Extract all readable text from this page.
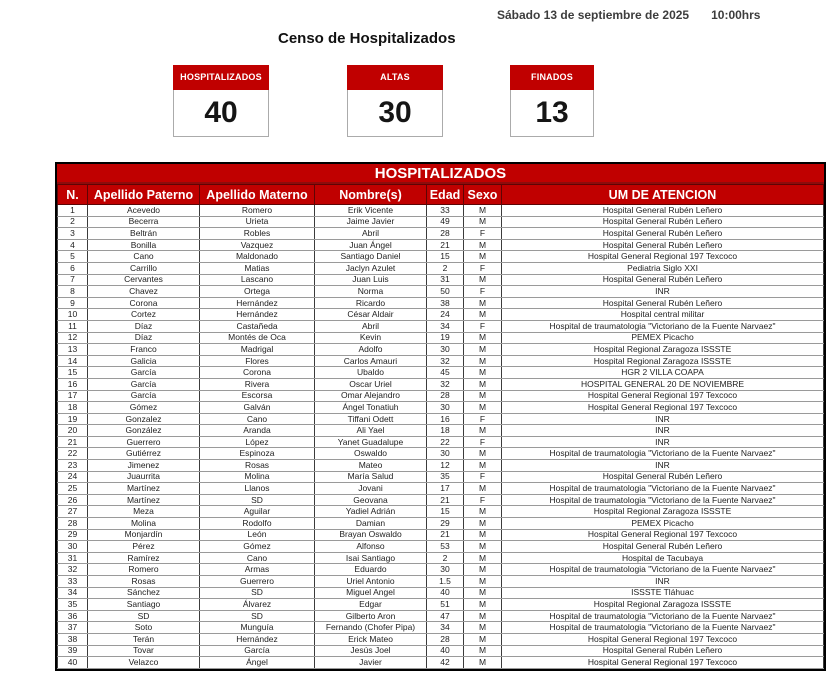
Sábado 13 de septiembre de 2025 10:00hrs
Censo de Hospitalizados
HOSPITALIZADOS
40
ALTAS
30
FINADOS
13
HOSPITALIZADOS
N.	Apellido Paterno	Apellido Materno	Nombre(s)	Edad	Sexo	UM DE ATENCION
1	Acevedo	Romero	Erik Vicente	33	M	Hospital General Rubén Leñero
2	Becerra	Urieta	Jaime Javier	49	M	Hospital General Rubén Leñero
3	Beltrán	Robles	Abril	28	F	Hospital General Rubén Leñero
4	Bonilla	Vazquez	Juan Ángel	21	M	Hospital General Rubén Leñero
5	Cano	Maldonado	Santiago Daniel	15	M	Hospital General Regional 197 Texcoco
6	Carrillo	Matias	Jaclyn Azulet	2	F	Pediatria Siglo XXI
7	Cervantes	Lascano	Juan Luis	31	M	Hospital General Rubén Leñero
8	Chavez	Ortega	Norma	50	F	INR
9	Corona	Hernández	Ricardo	38	M	Hospital General Rubén Leñero
10	Cortez	Hernández	César Aldair	24	M	Hospital central militar
11	Díaz	Castañeda	Abril	34	F	Hospital de traumatologia "Victoriano de la Fuente Narvaez"
12	Díaz	Montés de Oca	Kevin	19	M	PEMEX Picacho
13	Franco	Madrigal	Adolfo	30	M	Hospital Regional Zaragoza ISSSTE
14	Galicia	Flores	Carlos Amauri	32	M	Hospital Regional Zaragoza ISSSTE
15	García	Corona	Ubaldo	45	M	HGR 2 VILLA COAPA
16	García	Rivera	Oscar Uriel	32	M	HOSPITAL GENERAL 20 DE NOVIEMBRE
17	García	Escorsa	Omar Alejandro	28	M	Hospital General Regional 197 Texcoco
18	Gómez	Galván	Ángel Tonatiuh	30	M	Hospital General Regional 197 Texcoco
19	Gonzalez	Cano	Tiffani Odett	16	F	INR
20	González	Aranda	Ali Yael	18	M	INR
21	Guerrero	López	Yanet Guadalupe	22	F	INR
22	Gutiérrez	Espinoza	Oswaldo	30	M	Hospital de traumatologia "Victoriano de la Fuente Narvaez"
23	Jimenez	Rosas	Mateo	12	M	INR
24	Juaurrita	Molina	María Salud	35	F	Hospital General Rubén Leñero
25	Martínez	Llanos	Jovani	17	M	Hospital de traumatologia "Victoriano de la Fuente Narvaez"
26	Martínez	SD	Geovana	21	F	Hospital de traumatologia "Victoriano de la Fuente Narvaez"
27	Meza	Aguilar	Yadiel Adrián	15	M	Hospital Regional Zaragoza ISSSTE
28	Molina	Rodolfo	Damian	29	M	PEMEX Picacho
29	Monjardín	León	Brayan Oswaldo	21	M	Hospital General Regional 197 Texcoco
30	Pérez	Gómez	Alfonso	53	M	Hospital General Rubén Leñero
31	Ramírez	Cano	Isai Santiago	2	M	Hospital de Tacubaya
32	Romero	Armas	Eduardo	30	M	Hospital de traumatologia "Victoriano de la Fuente Narvaez"
33	Rosas	Guerrero	Uriel Antonio	1.5	M	INR
34	Sánchez	SD	Miguel Angel	40	M	ISSSTE Tláhuac
35	Santiago	Álvarez	Edgar	51	M	Hospital Regional Zaragoza ISSSTE
36	SD	SD	Gilberto Aron	47	M	Hospital de traumatologia "Victoriano de la Fuente Narvaez"
37	Soto	Munguía	Fernando (Chofer Pipa)	34	M	Hospital de traumatologia "Victoriano de la Fuente Narvaez"
38	Terán	Hernández	Erick Mateo	28	M	Hospital General Regional 197 Texcoco
39	Tovar	García	Jesús Joel	40	M	Hospital General Rubén Leñero
40	Velazco	Ángel	Javier	42	M	Hospital General Regional 197 Texcoco
